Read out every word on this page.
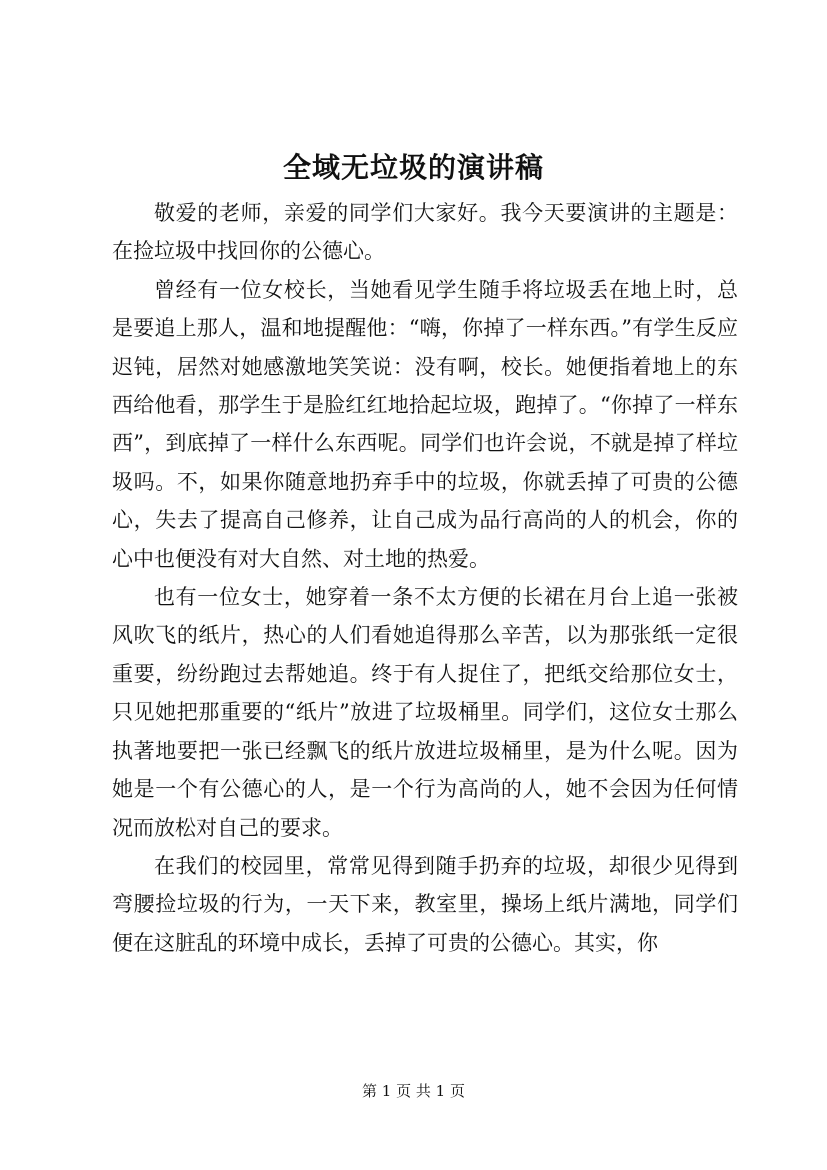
全域无垃圾的演讲稿

敬爱的老师，亲爱的同学们大家好。我今天要演讲的主题是：在捡垃圾中找回你的公德心。

曾经有一位女校长，当她看见学生随手将垃圾丢在地上时，总是要追上那人，温和地提醒他：“嗨，你掉了一样东西。”有学生反应迟钝，居然对她感激地笑笑说：没有啊，校长。她便指着地上的东西给他看，那学生于是脸红红地拾起垃圾，跑掉了。“你掉了一样东西”，到底掉了一样什么东西呢。同学们也许会说，不就是掉了样垃圾吗。不，如果你随意地扔弃手中的垃圾，你就丢掉了可贵的公德心，失去了提高自己修养，让自己成为品行高尚的人的机会，你的心中也便没有对大自然、对土地的热爱。

也有一位女士，她穿着一条不太方便的长裙在月台上追一张被风吹飞的纸片，热心的人们看她追得那么辛苦，以为那张纸一定很重要，纷纷跑过去帮她追。终于有人捉住了，把纸交给那位女士，只见她把那重要的“纸片”放进了垃圾桶里。同学们，这位女士那么执著地要把一张已经飘飞的纸片放进垃圾桶里，是为什么呢。因为她是一个有公德心的人，是一个行为高尚的人，她不会因为任何情况而放松对自己的要求。

在我们的校园里，常常见得到随手扔弃的垃圾，却很少见得到弯腰捡垃圾的行为，一天下来，教室里，操场上纸片满地，同学们便在这脏乱的环境中成长，丢掉了可贵的公德心。其实，你

第 1 页 共 1 页
